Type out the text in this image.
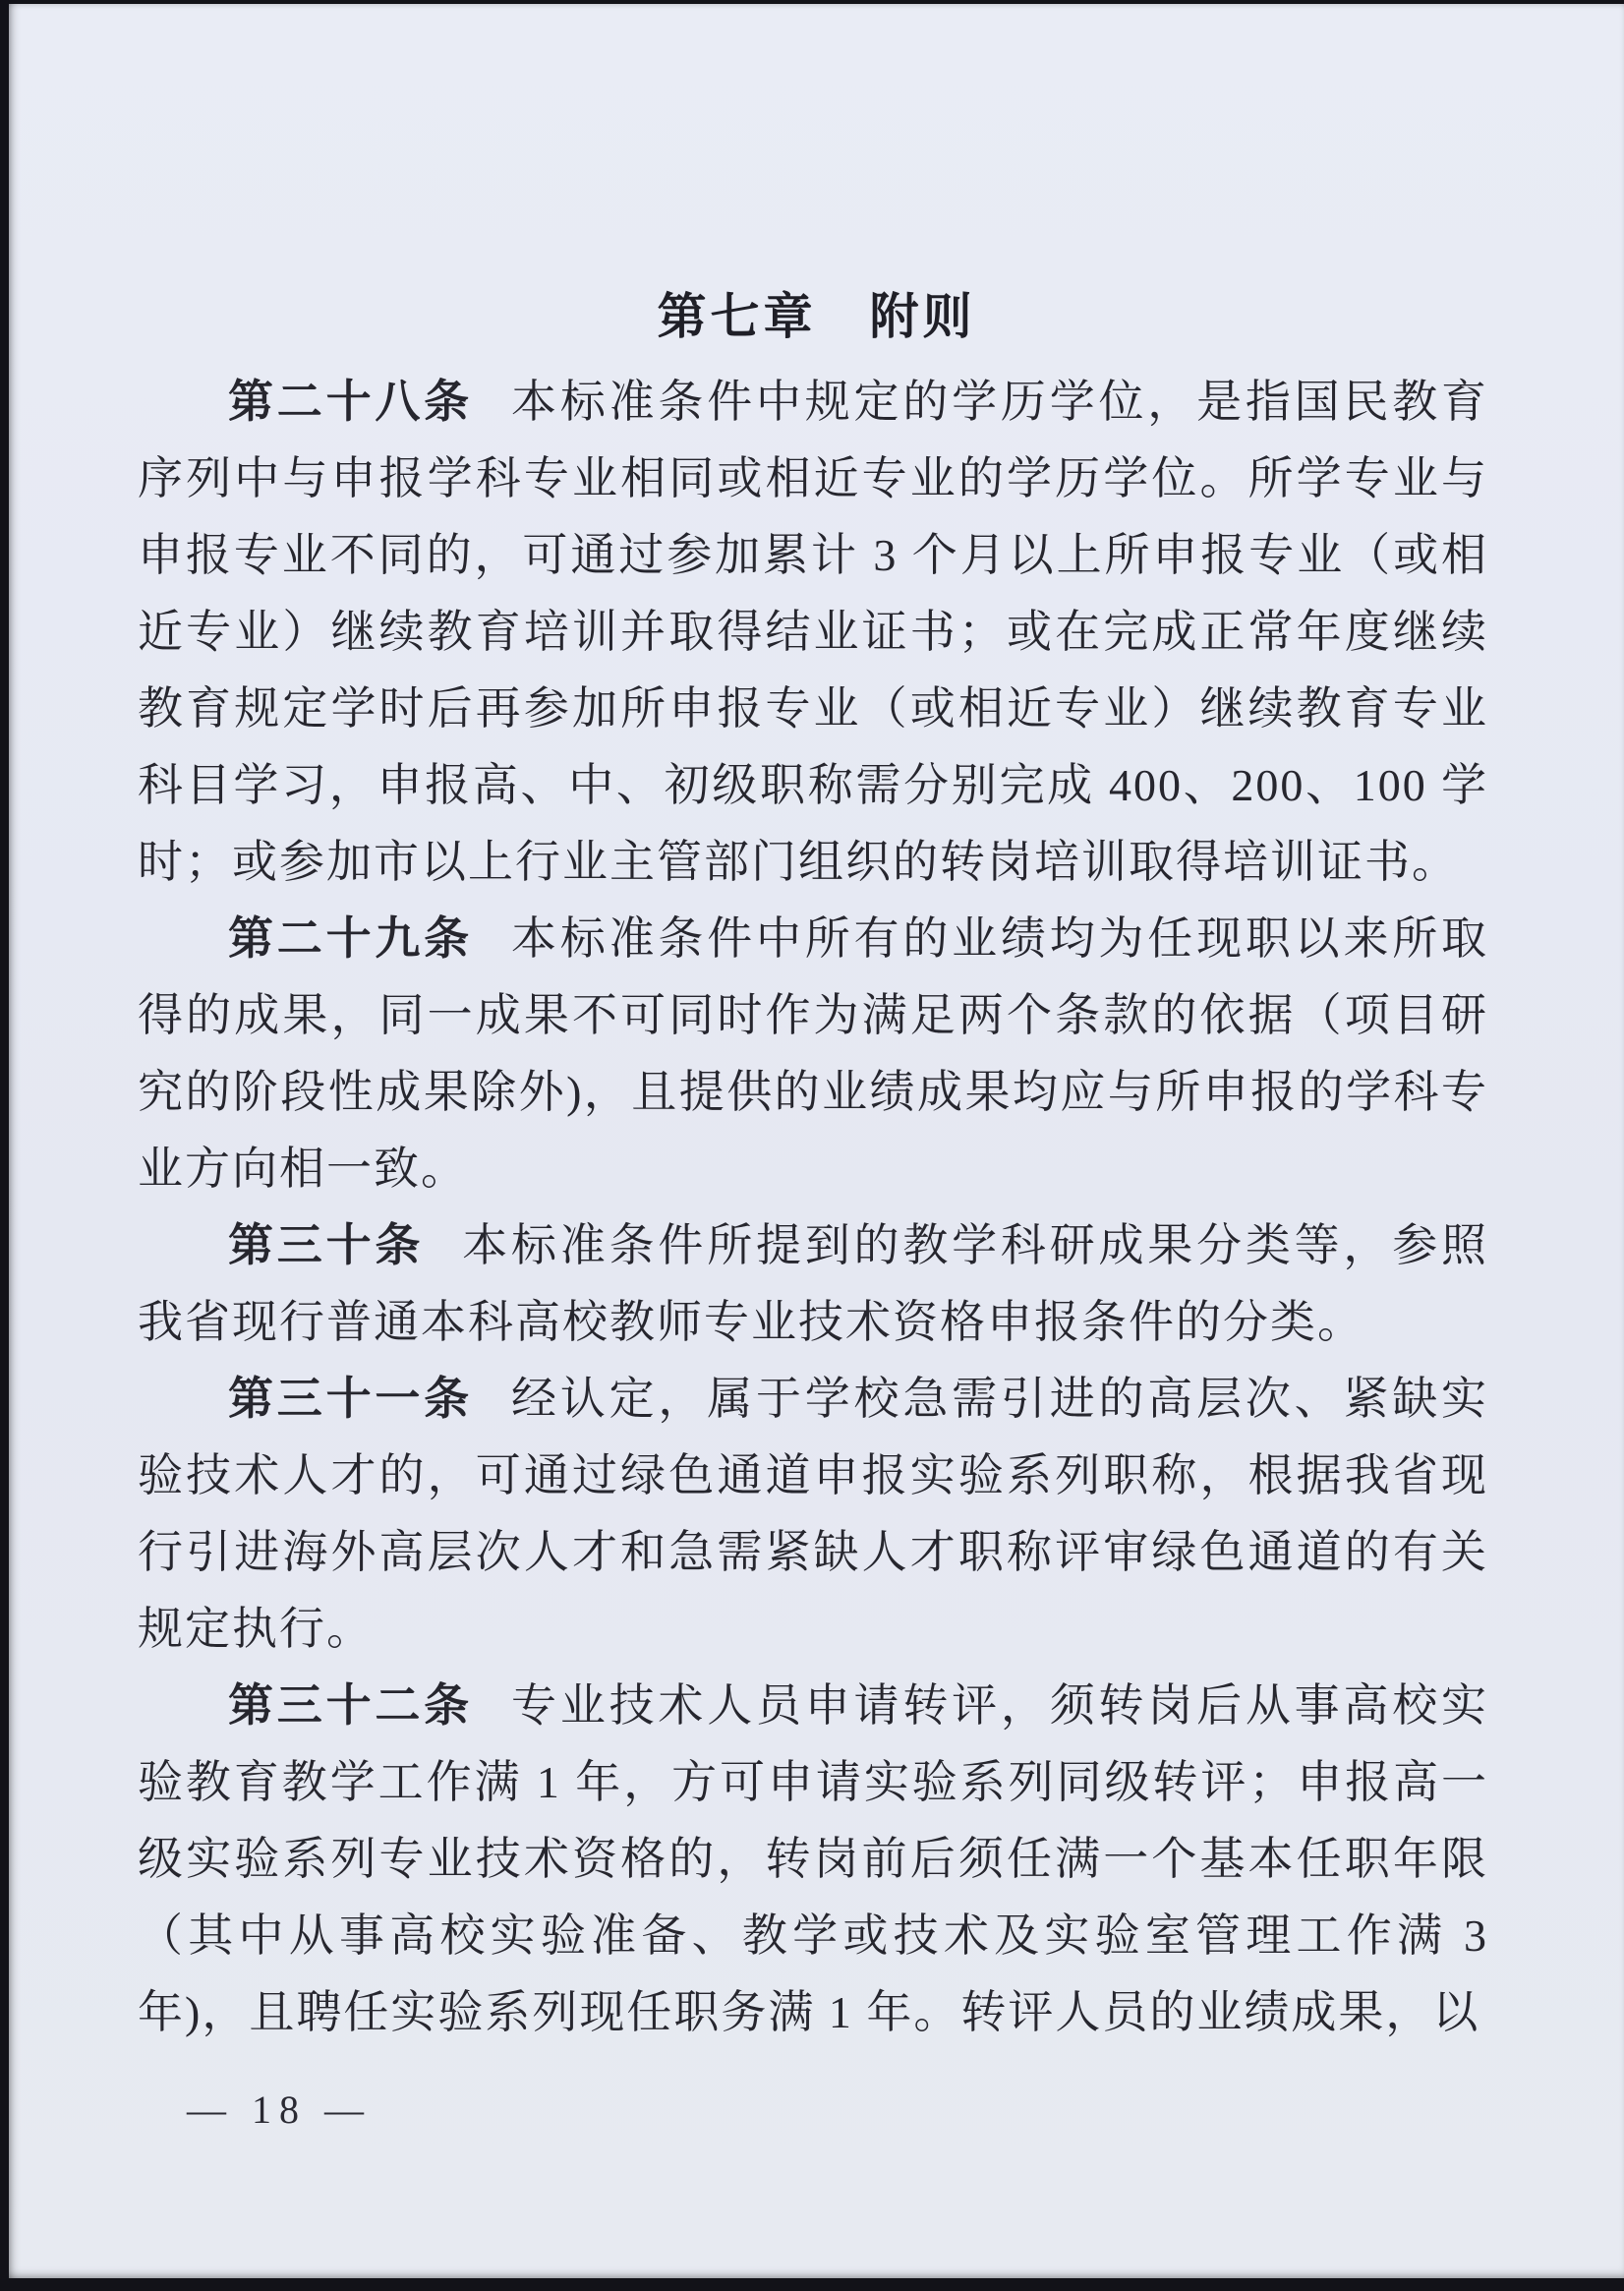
第七章　附则

第二十八条 本标准条件中规定的学历学位，是指国民教育序列中与申报学科专业相同或相近专业的学历学位。所学专业与申报专业不同的，可通过参加累计 3 个月以上所申报专业（或相近专业）继续教育培训并取得结业证书；或在完成正常年度继续教育规定学时后再参加所申报专业（或相近专业）继续教育专业科目学习，申报高、中、初级职称需分别完成 400、200、100 学时；或参加市以上行业主管部门组织的转岗培训取得培训证书。

第二十九条 本标准条件中所有的业绩均为任现职以来所取得的成果，同一成果不可同时作为满足两个条款的依据（项目研究的阶段性成果除外)，且提供的业绩成果均应与所申报的学科专业方向相一致。

第三十条 本标准条件所提到的教学科研成果分类等，参照我省现行普通本科高校教师专业技术资格申报条件的分类。

第三十一条 经认定，属于学校急需引进的高层次、紧缺实验技术人才的，可通过绿色通道申报实验系列职称，根据我省现行引进海外高层次人才和急需紧缺人才职称评审绿色通道的有关规定执行。

第三十二条 专业技术人员申请转评，须转岗后从事高校实验教育教学工作满 1 年，方可申请实验系列同级转评；申报高一级实验系列专业技术资格的，转岗前后须任满一个基本任职年限（其中从事高校实验准备、教学或技术及实验室管理工作满 3 年)，且聘任实验系列现任职务满 1 年。转评人员的业绩成果，以

— 18 —
